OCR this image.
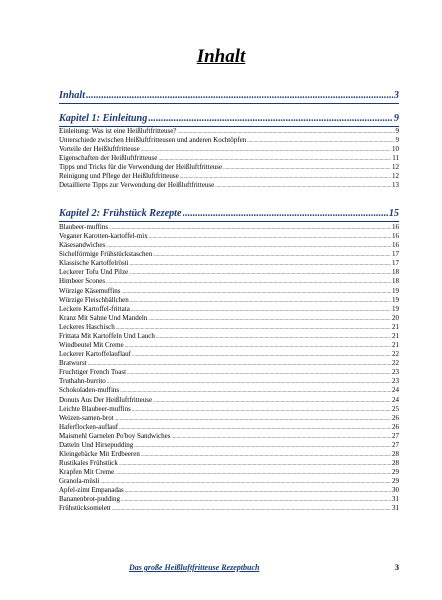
Inhalt
Inhalt .....	3
Kapitel 1: Einleitung .....	9
Einleitung: Was ist eine Heißluftfritteuse? .....	9
Unterschiede zwischen Heißluftfritteusen und anderen Kochtöpfen .....	9
Vorteile der Heißluftfritteuse .....	10
Eigenschaften der Heißluftfritteuse .....	11
Tipps und Tricks für die Verwendung der Heißluftfritteuse .....	12
Reinigung und Pflege der Heißluftfritteuse .....	12
Detaillierte Tipps zur Verwendung der Heißluftfritteuse .....	13
Kapitel 2: Frühstück Rezepte .....	15
Blaubeer-muffins .....	16
Veganer Karotten-kartoffel-mix .....	16
Käsesandwiches .....	16
Sichelförmige Frühstückstaschen .....	17
Klassische Kartoffelrösti .....	17
Leckerer Tofu Und Pilze .....	18
Himbeer Scones .....	18
Würzige Käsemuffins .....	19
Würzige Fleischbällchen .....	19
Leckere Kartoffel-frittata .....	19
Kranz Mit Sahne Und Mandeln .....	20
Leckeres Haschisch .....	21
Frittata Mit Kartoffeln Und Lauch .....	21
Windbeutel Mit Creme .....	21
Leckerer Kartoffelauflauf .....	22
Bratwurst .....	22
Fruchtiger French Toast .....	23
Truthahn-burrito .....	23
Schokoladen-muffins .....	24
Donuts Aus Der Heißluftfritteuse .....	24
Leichte Blaubeer-muffins .....	25
Weizen-samen-brot .....	26
Haferflocken-auflauf .....	26
Maismehl Garnelen Po'boy Sandwiches .....	27
Datteln Und Hirsepudding .....	27
Kleingebäcke Mit Erdbeeren .....	28
Rustikales Frühstück .....	28
Krapfen Mit Creme .....	29
Granola-müsli .....	29
Apfel-zimt Empanadas .....	30
Bananenbrot-pudding .....	31
Frühstücksomelett .....	31
Das große Heißluftfritteuse Rezeptbuch	3
